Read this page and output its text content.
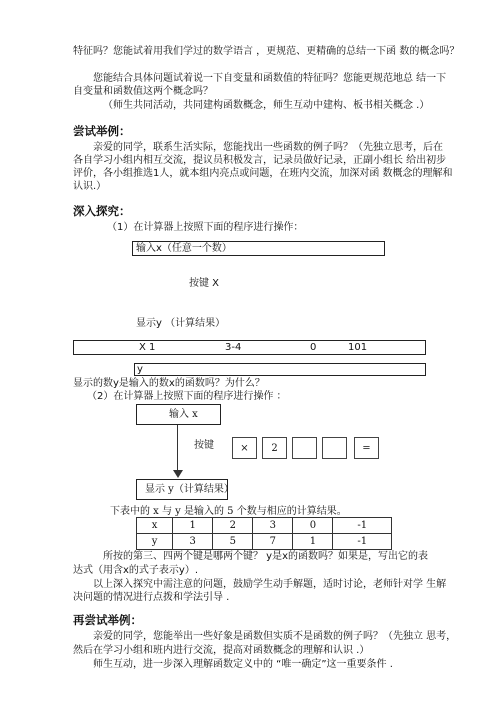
特征吗？您能试着用我们学过的数学语言 ，更规范、更精确的总结一下函 数的概念吗？
您能结合具体问题试着说一下自变量和函数值的特征吗？您能更规范地总 结一下
自变量和函数值这两个概念吗？
（师生共同活动，共同建构函数概念，师生互动中建构、板书相关概念 .）
尝试举例：
亲爱的同学，联系生活实际，您能找出一些函数的例子吗？（先独立思考，后在
各自学习小组内相互交流，提议员积极发言，记录员做好记录，正副小组长 给出初步
评价，各小组推选1人，就本组内亮点或问题，在班内交流，加深对函 数概念的理解和
认识.）
深入探究：
（1）在计算器上按照下面的程序进行操作：
输入x（任意一个数）
按键 X
显示y （计算结果）
X 1	3-4	0	101
y
显示的数y是输入的数x的函数吗？为什么？
（2）在计算器上按照下面的程序进行操作 ：
输入 x
按键	×	2	=
显示 y（计算结果）
下表中的 x 与 y 是输入的 5 个数与相应的计算结果。
x	1	2	3	0	-1
y	3	5	7	1	-1
所按的第三、四两个键是哪两个键？ y是x的函数吗？如果是，写出它的表
达式（用含x的式子表示y）.
以上深入探究中需注意的问题，鼓励学生动手解题，适时讨论，老师针对学 生解
决问题的情况进行点拨和学法引导 .
再尝试举例：
亲爱的同学，您能举出一些好象是函数但实质不是函数的例子吗？（先独立 思考，
然后在学习小组和班内进行交流，提高对函数概念的理解和认识 .）
师生互动，进一步深入理解函数定义中的 “唯一确定”这一重要条件 .
